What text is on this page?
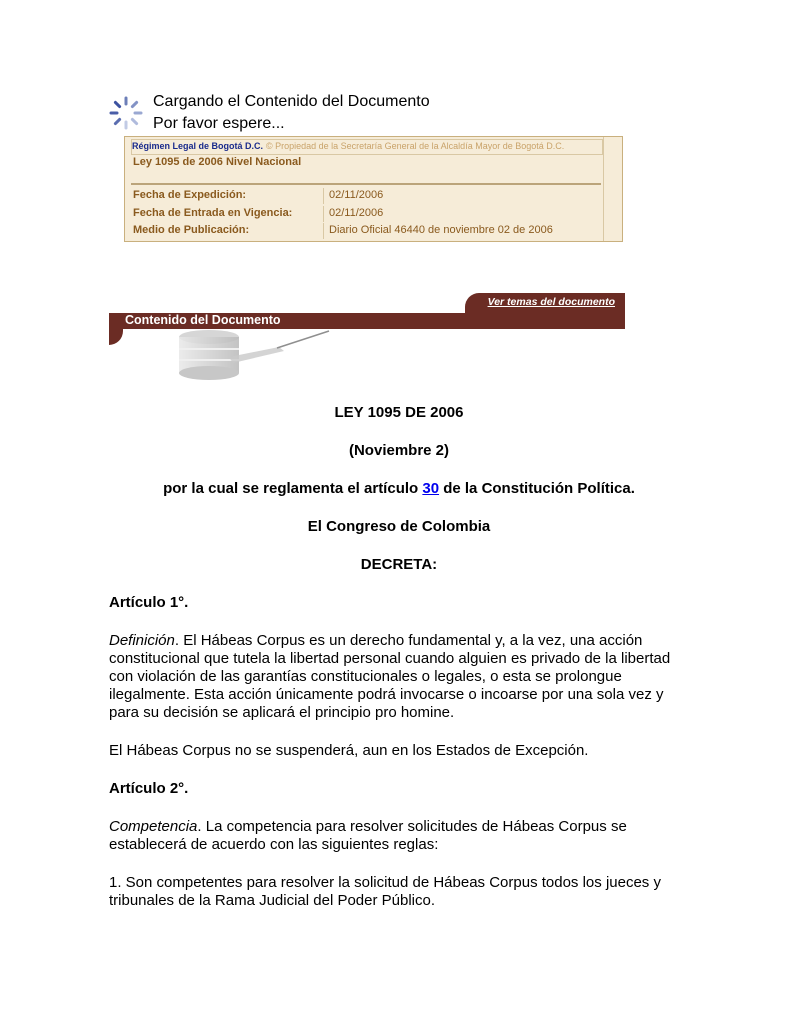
Cargando el Contenido del Documento
Por favor espere...
Régimen Legal de Bogotá D.C. © Propiedad de la Secretaría General de la Alcaldía Mayor de Bogotá D.C.
Ley 1095 de 2006 Nivel Nacional
Fecha de Expedición:	02/11/2006
Fecha de Entrada en Vigencia:	02/11/2006
Medio de Publicación:	Diario Oficial 46440 de noviembre 02 de 2006
Ver temas del documento
Contenido del Documento
LEY 1095 DE 2006
(Noviembre 2)
por la cual se reglamenta el artículo 30 de la Constitución Política.
El Congreso de Colombia
DECRETA:

Artículo 1°.

Definición. El Hábeas Corpus es un derecho fundamental y, a la vez, una acción constitucional que tutela la libertad personal cuando alguien es privado de la libertad con violación de las garantías constitucionales o legales, o esta se prolongue ilegalmente. Esta acción únicamente podrá invocarse o incoarse por una sola vez y para su decisión se aplicará el principio pro homine.

El Hábeas Corpus no se suspenderá, aun en los Estados de Excepción.

Artículo 2°.

Competencia. La competencia para resolver solicitudes de Hábeas Corpus se establecerá de acuerdo con las siguientes reglas:

1. Son competentes para resolver la solicitud de Hábeas Corpus todos los jueces y tribunales de la Rama Judicial del Poder Público.
